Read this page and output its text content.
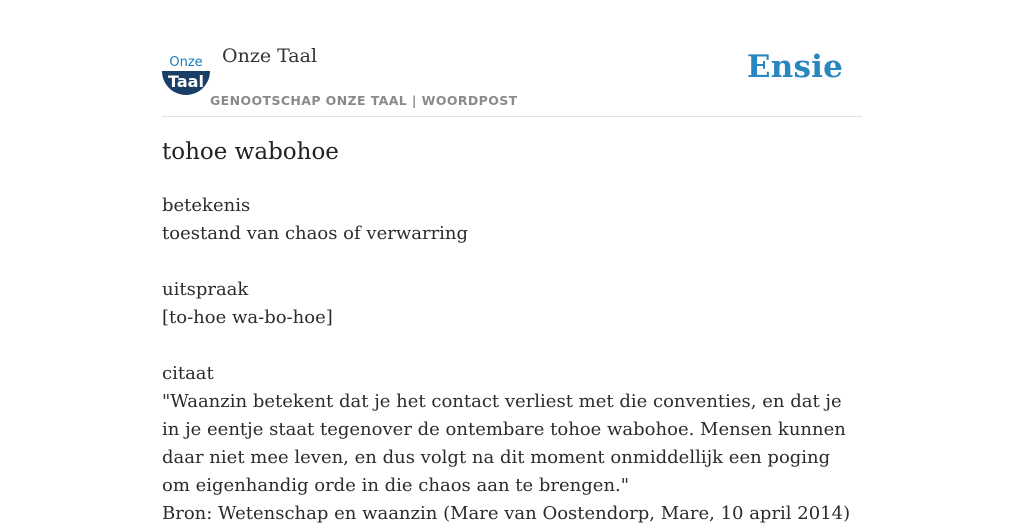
Onze
Taal
Onze Taal
GENOOTSCHAP ONZE TAAL | WOORDPOST
Ensie
tohoe wabohoe
betekenis
toestand van chaos of verwarring
uitspraak
[to-hoe wa-bo-hoe]
citaat
"Waanzin betekent dat je het contact verliest met die conventies, en dat je in je eentje staat tegenover de ontembare tohoe wabohoe. Mensen kunnen daar niet mee leven, en dus volgt na dit moment onmiddellijk een poging om eigenhandig orde in die chaos aan te brengen."
Bron: Wetenschap en waanzin (Mare van Oostendorp, Mare, 10 april 2014)
